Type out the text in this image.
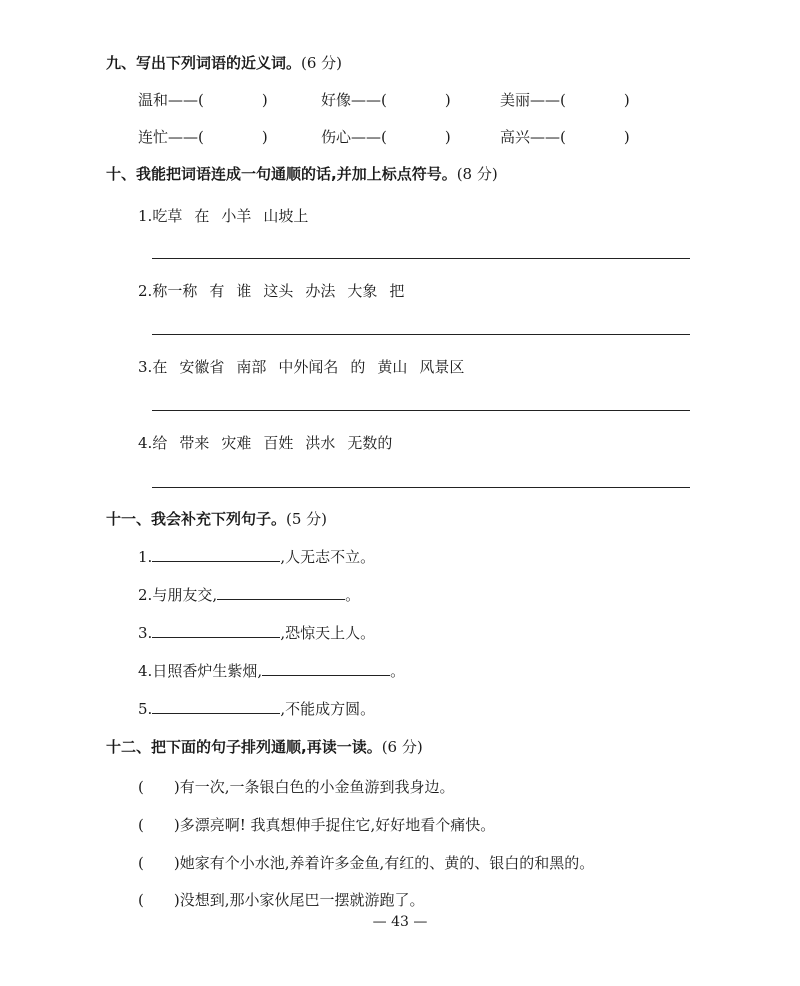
九、写出下列词语的近义词。(6 分)
温和——(	)	好像——(	)	美丽——(	)
连忙——(	)	伤心——(	)	高兴——(	)
十、我能把词语连成一句通顺的话,并加上标点符号。(8 分)
1.吃草 在 小羊 山坡上
2.称一称 有 谁 这头 办法 大象 把
3.在 安徽省 南部 中外闻名 的 黄山 风景区
4.给 带来 灾难 百姓 洪水 无数的
十一、我会补充下列句子。(5 分)
1.	,人无志不立。
2.与朋友交,	。
3.	,恐惊天上人。
4.日照香炉生紫烟,	。
5.	,不能成方圆。
十二、把下面的句子排列通顺,再读一读。(6 分)
( )有一次,一条银白色的小金鱼游到我身边。
( )多漂亮啊! 我真想伸手捉住它,好好地看个痛快。
( )她家有个小水池,养着许多金鱼,有红的、黄的、银白的和黑的。
( )没想到,那小家伙尾巴一摆就游跑了。
— 43 —
